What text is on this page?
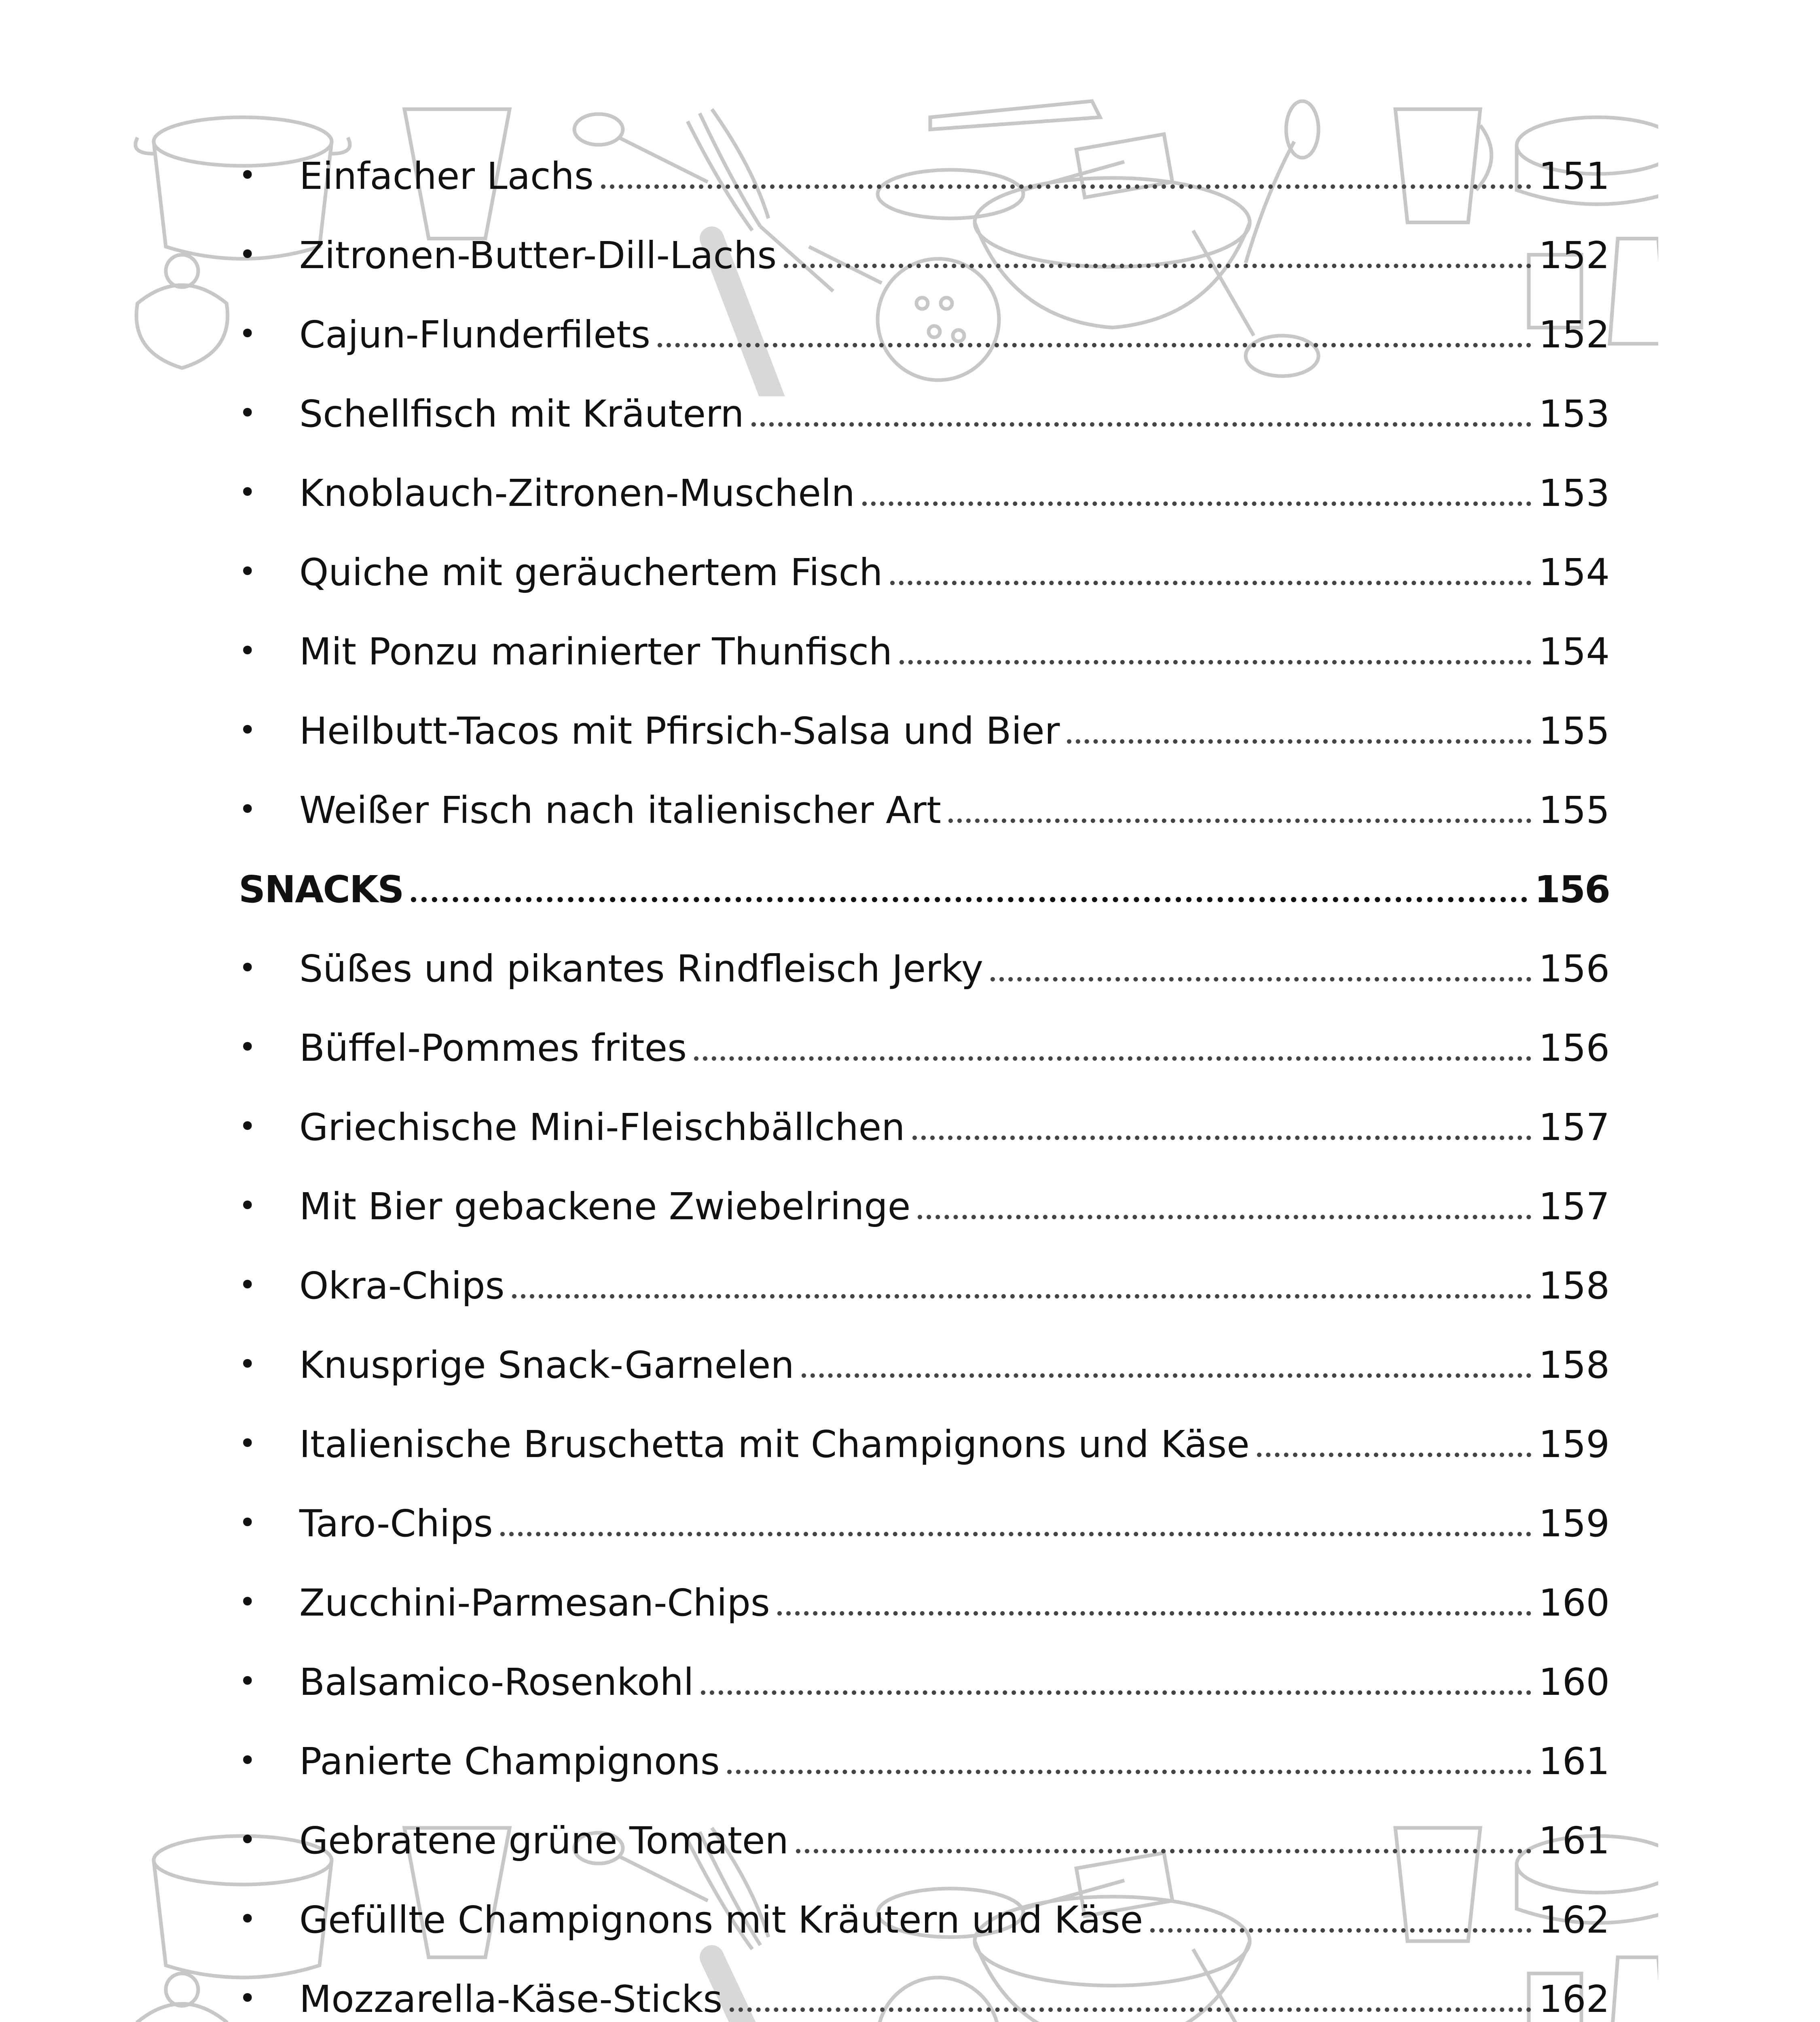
•	Einfacher Lachs	151
•	Zitronen-Butter-Dill-Lachs	152
•	Cajun-Flunderfilets	152
•	Schellfisch mit Kräutern	153
•	Knoblauch-Zitronen-Muscheln	153
•	Quiche mit geräuchertem Fisch	154
•	Mit Ponzu marinierter Thunfisch	154
•	Heilbutt-Tacos mit Pfirsich-Salsa und Bier	155
•	Weißer Fisch nach italienischer Art	155
SNACKS	156
•	Süßes und pikantes Rindfleisch Jerky	156
•	Büffel-Pommes frites	156
•	Griechische Mini-Fleischbällchen	157
•	Mit Bier gebackene Zwiebelringe	157
•	Okra-Chips	158
•	Knusprige Snack-Garnelen	158
•	Italienische Bruschetta mit Champignons und Käse	159
•	Taro-Chips	159
•	Zucchini-Parmesan-Chips	160
•	Balsamico-Rosenkohl	160
•	Panierte Champignons	161
•	Gebratene grüne Tomaten	161
•	Gefüllte Champignons mit Kräutern und Käse	162
•	Mozzarella-Käse-Sticks	162
